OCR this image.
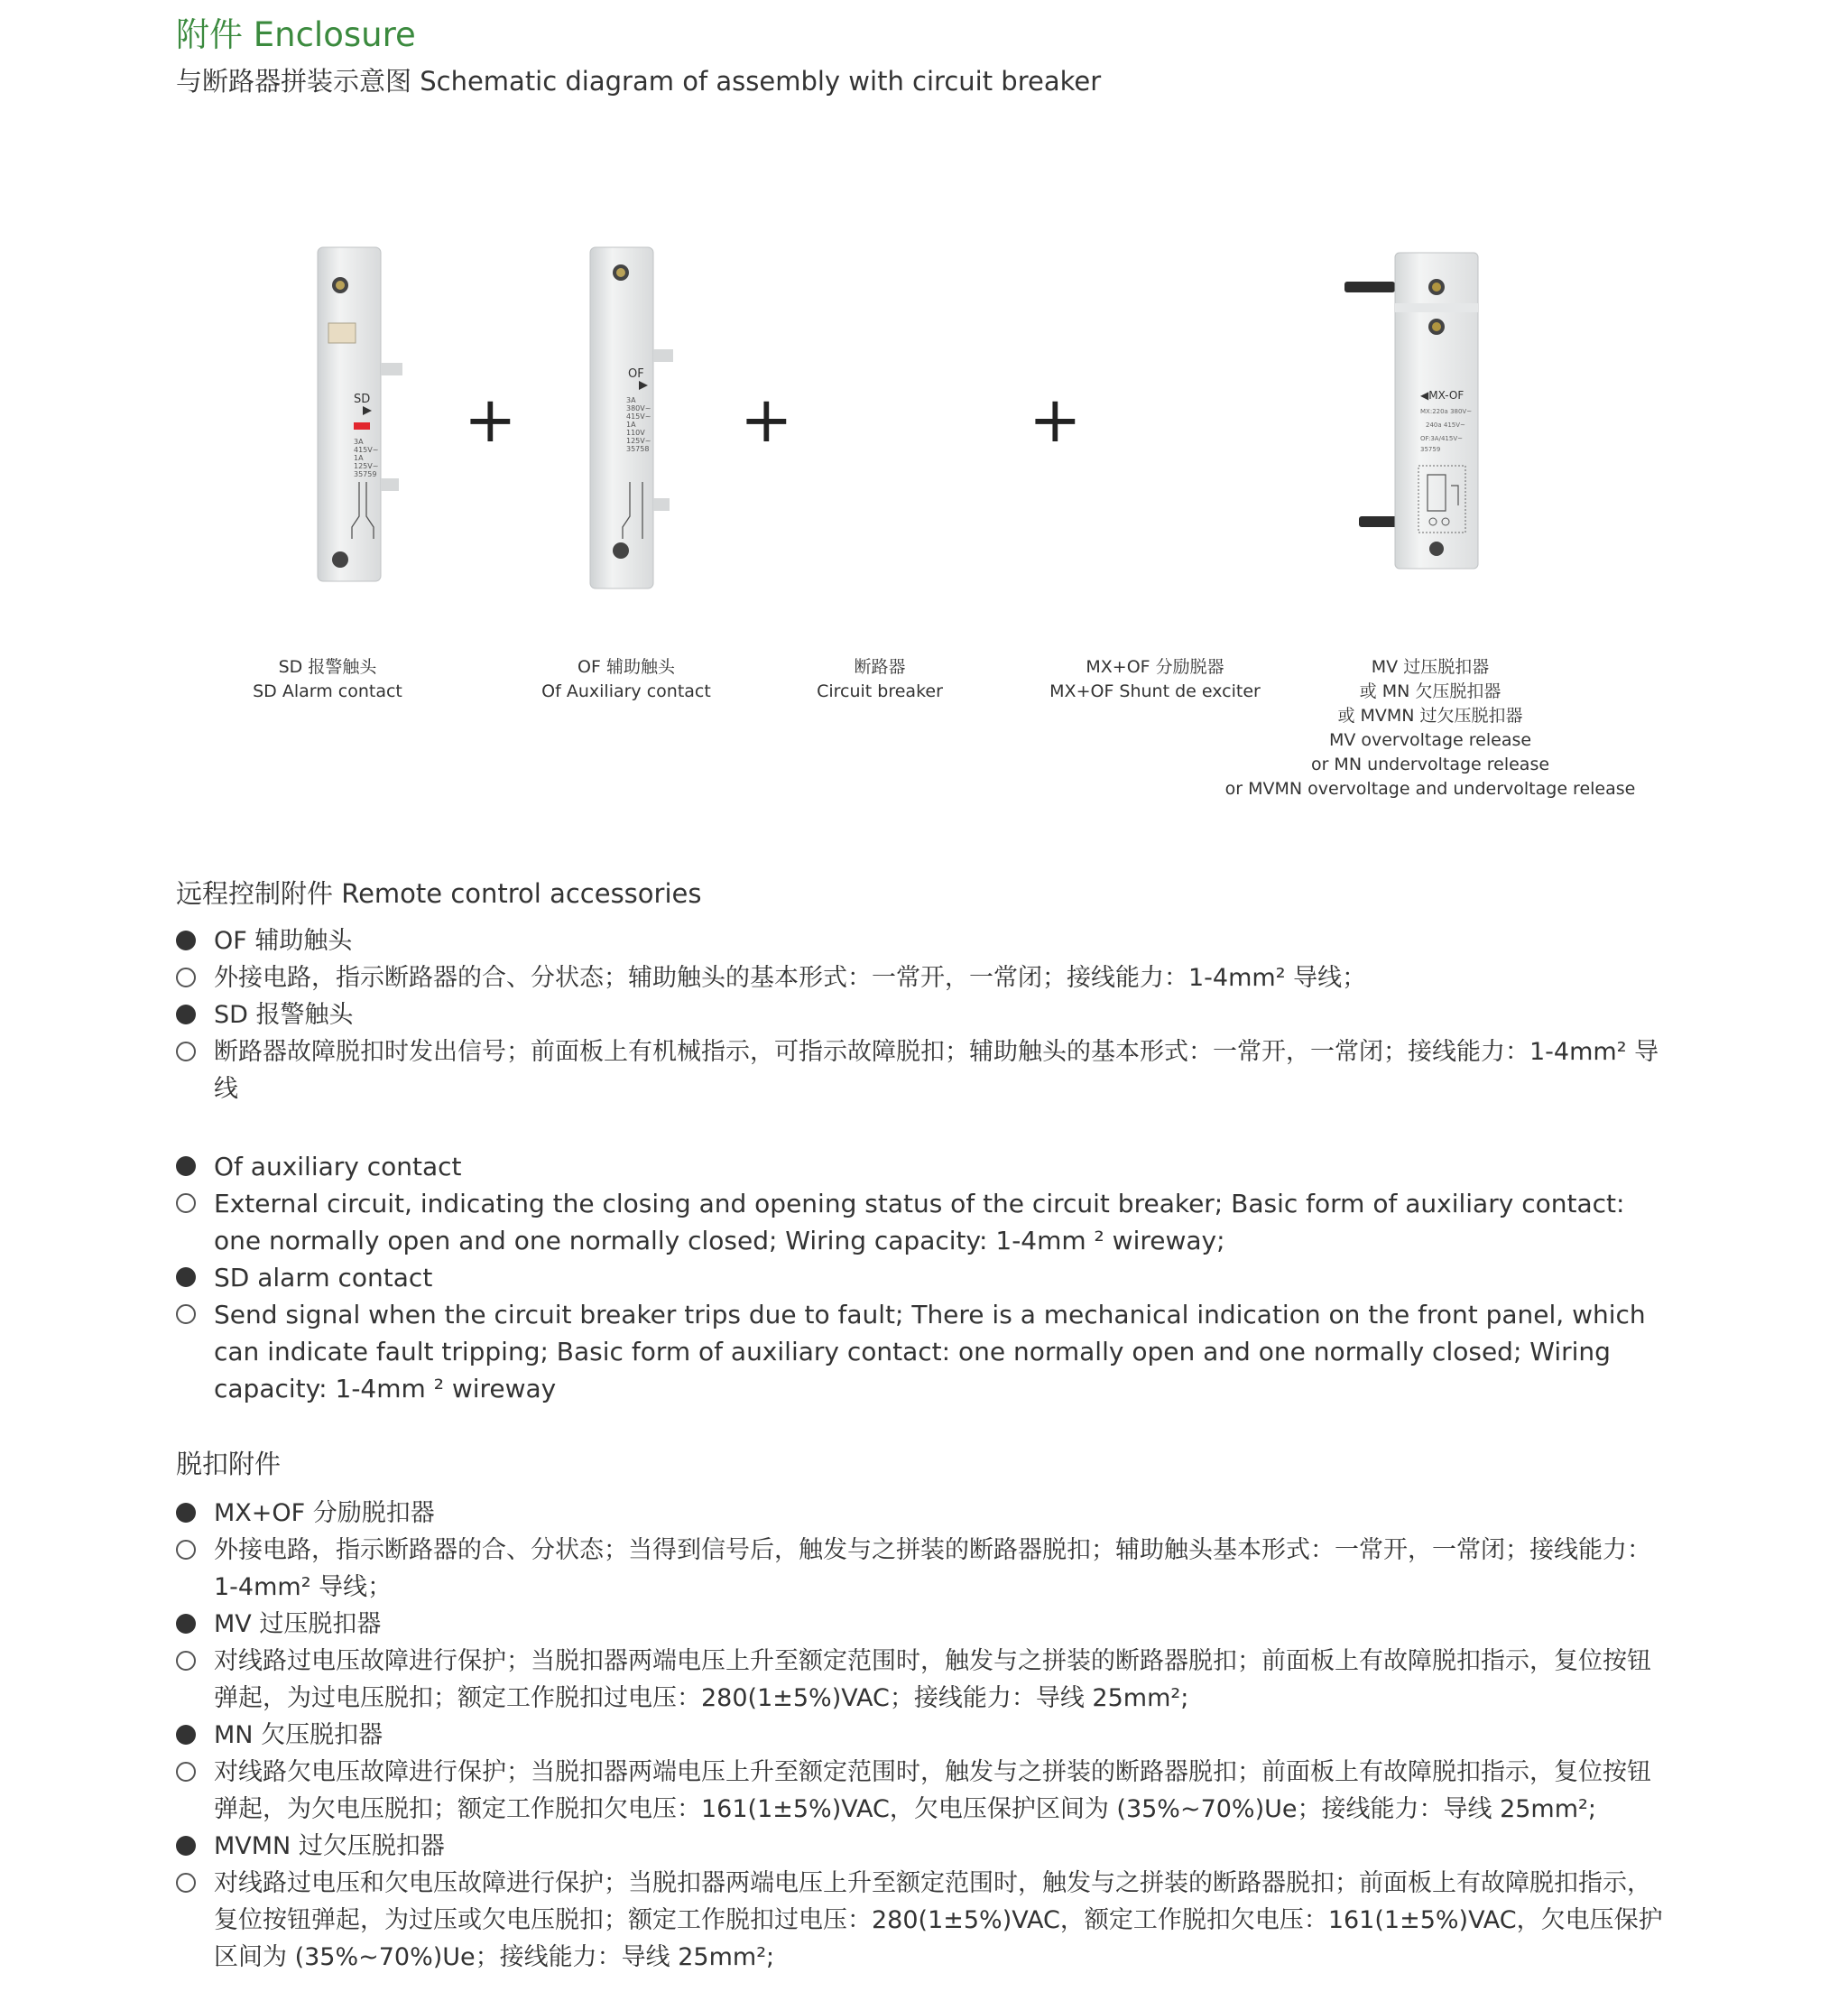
附件 Enclosure
与断路器拼装示意图 Schematic diagram of assembly with circuit breaker
SD
3A
415V~
1A
125V~
35759
+
OF
3A
380V~
415V~
1A
110V
125V~
35758 +	+	◀MX-OF
MX:220a 380V~
240a 415V~
OF:3A/415V~
35759
SD 报警触头
SD Alarm contact
OF 辅助触头
Of Auxiliary contact
断路器
Circuit breaker
MX+OF 分励脱器
MX+OF Shunt de exciter
MV 过压脱扣器
或 MN 欠压脱扣器
或 MVMN 过欠压脱扣器
MV overvoltage release
or MN undervoltage release
or MVMN overvoltage and undervoltage release
远程控制附件 Remote control accessories
OF 辅助触头
外接电路，指示断路器的合、分状态；辅助触头的基本形式：一常开，一常闭；接线能力：1-4mm² 导线；
SD 报警触头
断路器故障脱扣时发出信号；前面板上有机械指示，可指示故障脱扣；辅助触头的基本形式：一常开，一常闭；接线能力：1-4mm² 导线
Of auxiliary contact
External circuit, indicating the closing and opening status of the circuit breaker; Basic form of auxiliary contact: one normally open and one normally closed; Wiring capacity: 1-4mm ² wireway;
SD alarm contact
Send signal when the circuit breaker trips due to fault; There is a mechanical indication on the front panel, which can indicate fault tripping; Basic form of auxiliary contact: one normally open and one normally closed; Wiring capacity: 1-4mm ² wireway
脱扣附件
MX+OF 分励脱扣器
外接电路，指示断路器的合、分状态；当得到信号后，触发与之拼装的断路器脱扣；辅助触头基本形式：一常开，一常闭；接线能力：1-4mm² 导线；
MV 过压脱扣器
对线路过电压故障进行保护；当脱扣器两端电压上升至额定范围时，触发与之拼装的断路器脱扣；前面板上有故障脱扣指示，复位按钮弹起，为过电压脱扣；额定工作脱扣过电压：280(1±5%)VAC；接线能力：导线 25mm²;
MN 欠压脱扣器
对线路欠电压故障进行保护；当脱扣器两端电压上升至额定范围时，触发与之拼装的断路器脱扣；前面板上有故障脱扣指示，复位按钮弹起，为欠电压脱扣；额定工作脱扣欠电压：161(1±5%)VAC，欠电压保护区间为 (35%~70%)Ue；接线能力：导线 25mm²;
MVMN 过欠压脱扣器
对线路过电压和欠电压故障进行保护；当脱扣器两端电压上升至额定范围时，触发与之拼装的断路器脱扣；前面板上有故障脱扣指示，复位按钮弹起，为过压或欠电压脱扣；额定工作脱扣过电压：280(1±5%)VAC，额定工作脱扣欠电压：161(1±5%)VAC，欠电压保护区间为 (35%~70%)Ue；接线能力：导线 25mm²;
